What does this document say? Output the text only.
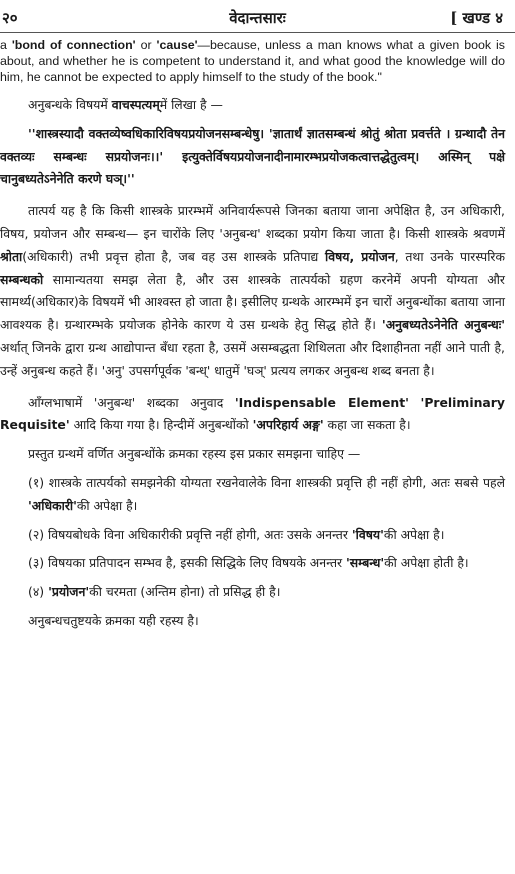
२०	वेदान्तसारः	[ खण्ड ४

a 'bond of connection' or 'cause'—because, unless a man knows what a given book is about, and whether he is competent to understand it, and what good the knowledge will do him, he cannot be expected to apply himself to the study of the book."

अनुबन्धके विषयमें वाचस्पत्यम्में लिखा है —

''शास्त्रस्यादौ वक्तव्येष्वधिकारिविषयप्रयोजनसम्बन्धेषु। 'ज्ञातार्थं ज्ञातसम्बन्धं श्रोतुं श्रोता प्रवर्त्तते । ग्रन्थादौ तेन वक्तव्यः सम्बन्धः सप्रयोजनः।।' इत्युक्तेर्विषयप्रयोजनादीनामारम्भप्रयोजकत्वात्तद्धेतुत्वम्। अस्मिन् पक्षे चानुबध्यतेऽनेनेति करणे घञ्।''

तात्पर्य यह है कि किसी शास्त्रके प्रारम्भमें अनिवार्यरूपसे जिनका बताया जाना अपेक्षित है, उन अधिकारी, विषय, प्रयोजन और सम्बन्ध— इन चारोंके लिए 'अनुबन्ध' शब्दका प्रयोग किया जाता है। किसी शास्त्रके श्रवणमें श्रोता(अधिकारी) तभी प्रवृत्त होता है, जब वह उस शास्त्रके प्रतिपाद्य विषय, प्रयोजन, तथा उनके पारस्परिक सम्बन्धको सामान्यतया समझ लेता है, और उस शास्त्रके तात्पर्यको ग्रहण करनेमें अपनी योग्यता और सामर्थ्य(अधिकार)के विषयमें भी आश्वस्त हो जाता है। इसीलिए ग्रन्थके आरम्भमें इन चारों अनुबन्धोंका बताया जाना आवश्यक है। ग्रन्थारम्भके प्रयोजक होनेके कारण ये उस ग्रन्थके हेतु सिद्ध होते हैं। 'अनुबध्यतेऽनेनेति अनुबन्धः' अर्थात् जिनके द्वारा ग्रन्थ आद्योपान्त बँधा रहता है, उसमें असम्बद्धता शिथिलता और दिशाहीनता नहीं आने पाती है, उन्हें अनुबन्ध कहते हैं। 'अनु' उपसर्गपूर्वक 'बन्ध्' धातुमें 'घञ्' प्रत्यय लगकर अनुबन्ध शब्द बनता है।

आँग्लभाषामें 'अनुबन्ध' शब्दका अनुवाद 'Indispensable Element' 'Preliminary Requisite' आदि किया गया है। हिन्दीमें अनुबन्धोंको 'अपरिहार्य अङ्ग' कहा जा सकता है।

प्रस्तुत ग्रन्थमें वर्णित अनुबन्धोंके क्रमका रहस्य इस प्रकार समझना चाहिए —

(१) शास्त्रके तात्पर्यको समझनेकी योग्यता रखनेवालेके विना शास्त्रकी प्रवृत्ति ही नहीं होगी, अतः सबसे पहले 'अधिकारी'की अपेक्षा है।

(२) विषयबोधके विना अधिकारीकी प्रवृत्ति नहीं होगी, अतः उसके अनन्तर 'विषय'की अपेक्षा है।

(३) विषयका प्रतिपादन सम्भव है, इसकी सिद्धिके लिए विषयके अनन्तर 'सम्बन्ध'की अपेक्षा होती है।

(४) 'प्रयोजन'की चरमता (अन्तिम होना) तो प्रसिद्ध ही है।

अनुबन्धचतुष्टयके क्रमका यही रहस्य है।
